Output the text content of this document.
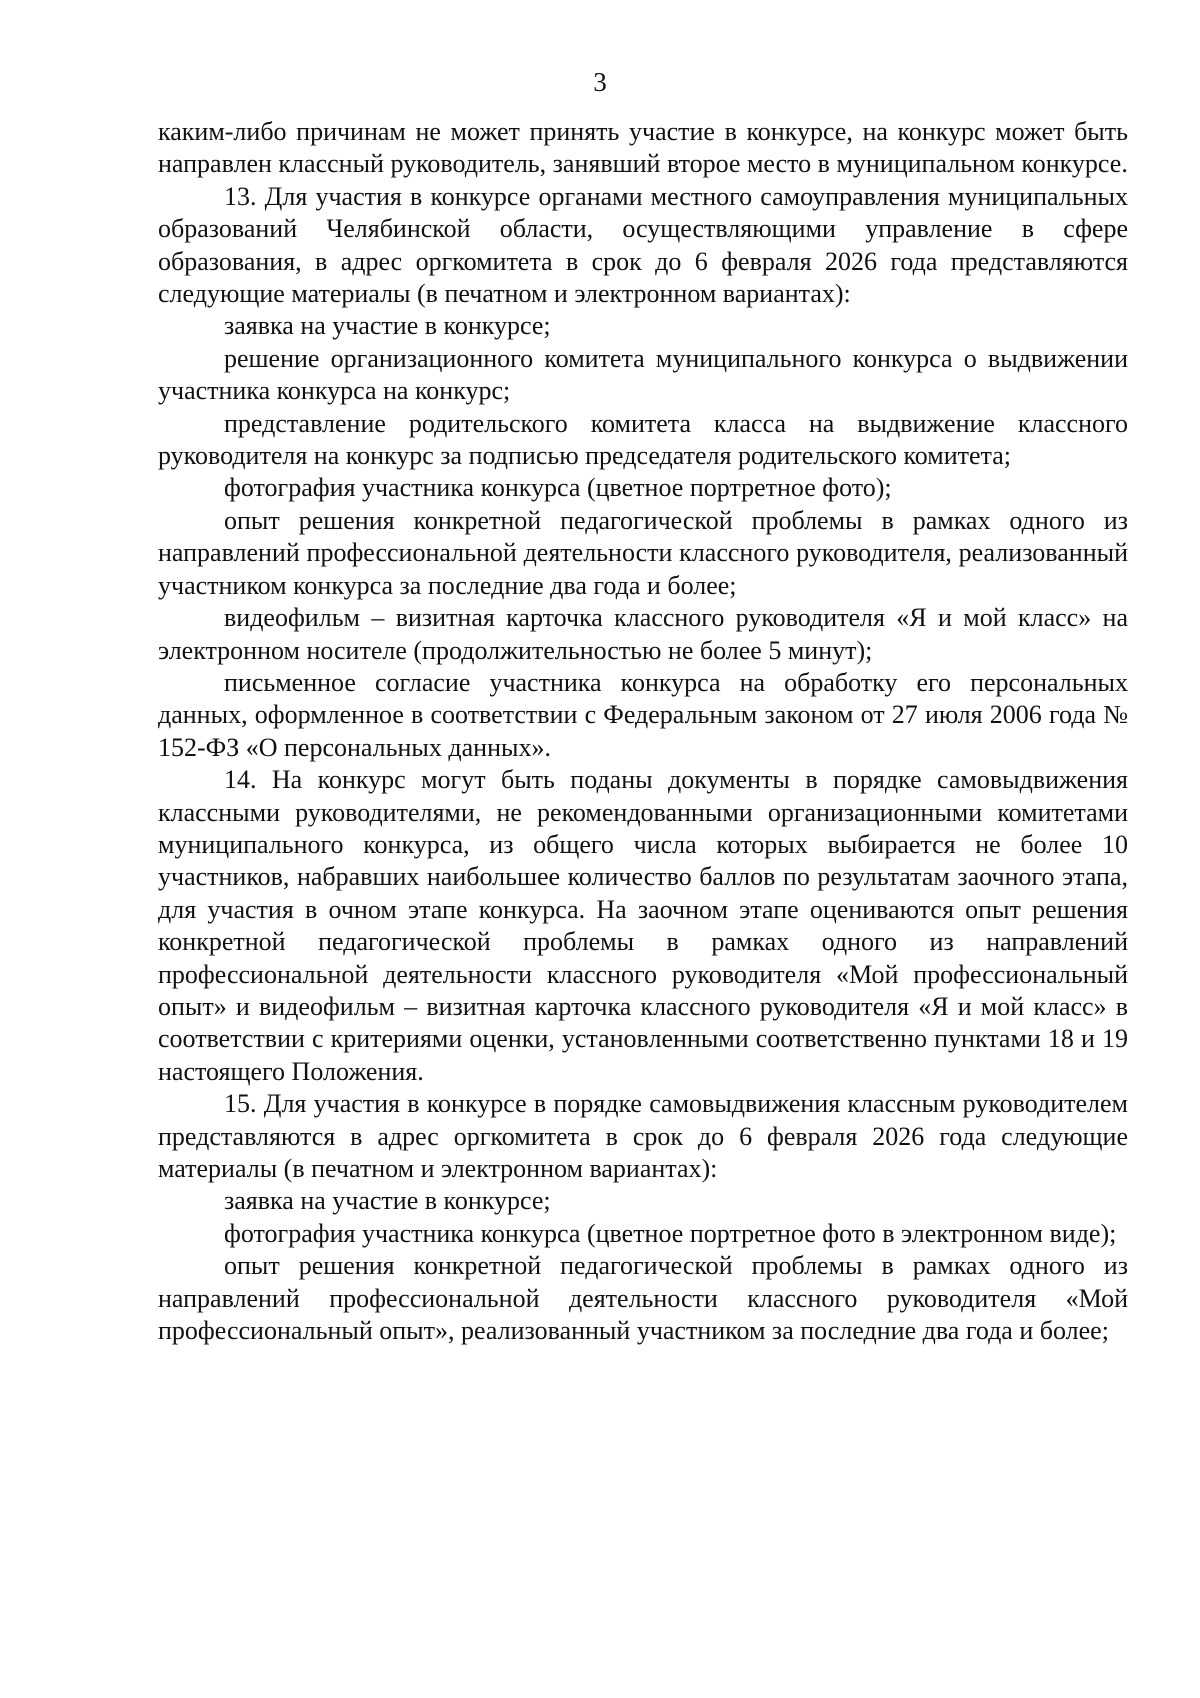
3

каким-либо причинам не может принять участие в конкурсе, на конкурс может быть направлен классный руководитель, занявший второе место в муниципальном конкурсе.

13. Для участия в конкурсе органами местного самоуправления муниципальных образований Челябинской области, осуществляющими управление в сфере образования, в адрес оргкомитета в срок до 6 февраля 2026 года представляются следующие материалы (в печатном и электронном вариантах):

заявка на участие в конкурсе;

решение организационного комитета муниципального конкурса о выдвижении участника конкурса на конкурс;

представление родительского комитета класса на выдвижение классного руководителя на конкурс за подписью председателя родительского комитета;

фотография участника конкурса (цветное портретное фото);

опыт решения конкретной педагогической проблемы в рамках одного из направлений профессиональной деятельности классного руководителя, реализованный участником конкурса за последние два года и более;

видеофильм – визитная карточка классного руководителя «Я и мой класс» на электронном носителе (продолжительностью не более 5 минут);

письменное согласие участника конкурса на обработку его персональных данных, оформленное в соответствии с Федеральным законом от 27 июля 2006 года № 152-ФЗ «О персональных данных».

14. На конкурс могут быть поданы документы в порядке самовыдвижения классными руководителями, не рекомендованными организационными комитетами муниципального конкурса, из общего числа которых выбирается не более 10 участников, набравших наибольшее количество баллов по результатам заочного этапа, для участия в очном этапе конкурса. На заочном этапе оцениваются опыт решения конкретной педагогической проблемы в рамках одного из направлений профессиональной деятельности классного руководителя «Мой профессиональный опыт» и видеофильм – визитная карточка классного руководителя «Я и мой класс» в соответствии с критериями оценки, установленными соответственно пунктами 18 и 19 настоящего Положения.

15. Для участия в конкурсе в порядке самовыдвижения классным руководителем представляются в адрес оргкомитета в срок до 6 февраля 2026 года следующие материалы (в печатном и электронном вариантах):

заявка на участие в конкурсе;

фотография участника конкурса (цветное портретное фото в электронном виде);

опыт решения конкретной педагогической проблемы в рамках одного из направлений профессиональной деятельности классного руководителя «Мой профессиональный опыт», реализованный участником за последние два года и более;
